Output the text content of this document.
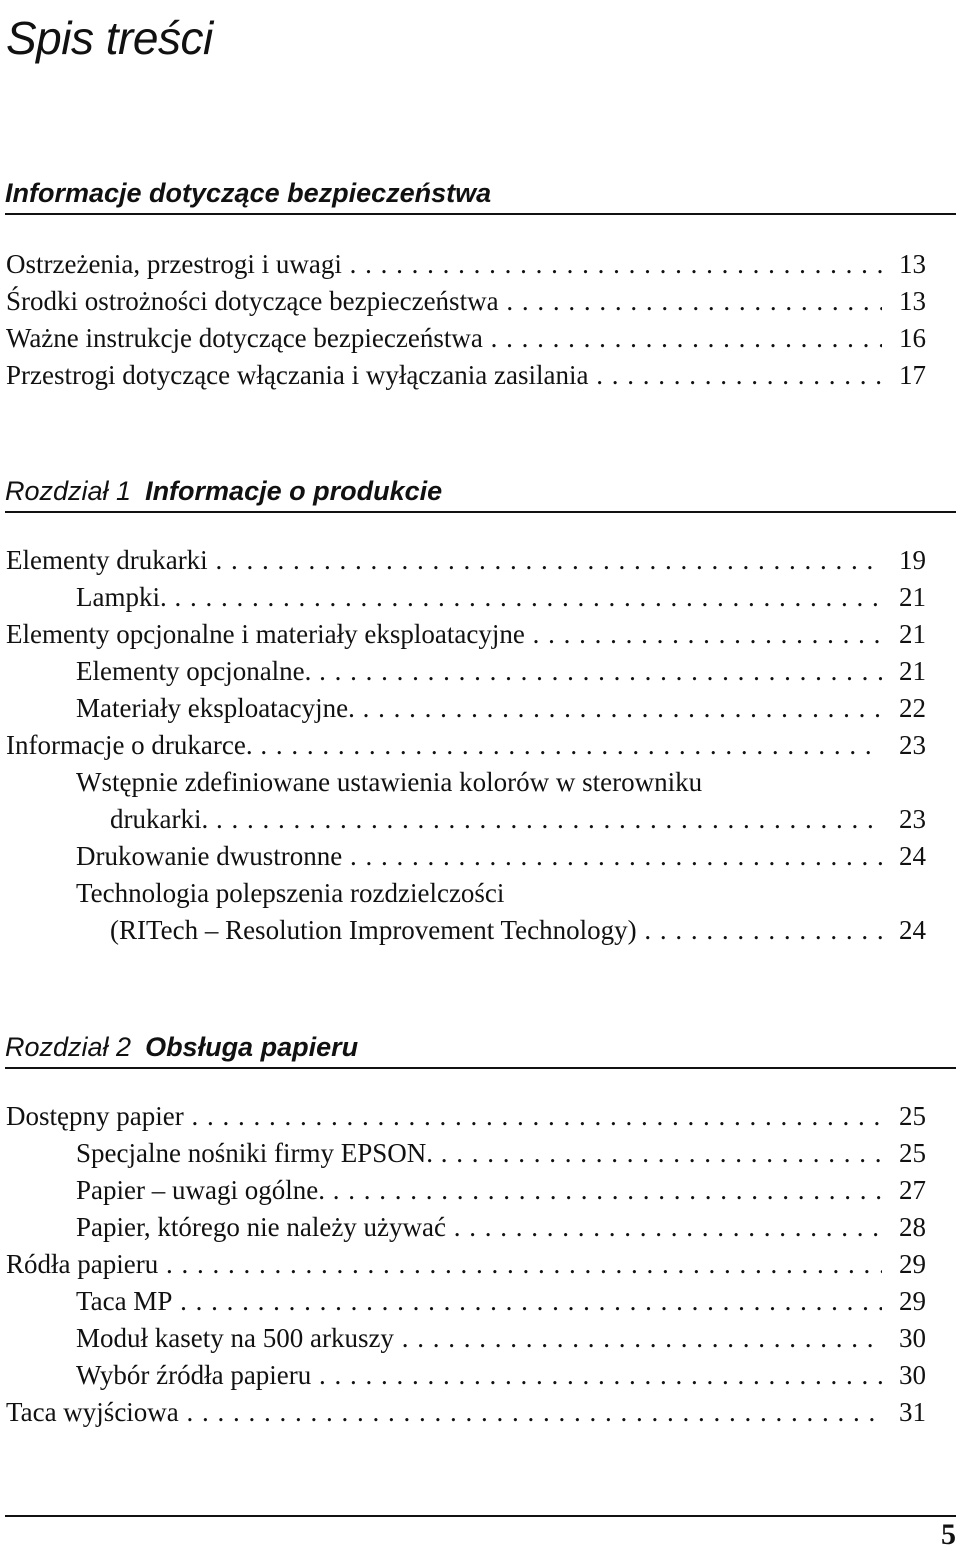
Spis treści
Informacje dotyczące bezpieczeństwa
Ostrzeżenia, przestrogi i uwagi . . .	13
Środki ostrożności dotyczące bezpieczeństwa . . .	13
Ważne instrukcje dotyczące bezpieczeństwa . . .	16
Przestrogi dotyczące włączania i wyłączania zasilania . . .	17
Rozdział 1 Informacje o produkcie
Elementy drukarki . . .	19
Lampki. . . .	21
Elementy opcjonalne i materiały eksploatacyjne . . .	21
Elementy opcjonalne. . . .	21
Materiały eksploatacyjne. . . .	22
Informacje o drukarce. . . .	23
Wstępnie zdefiniowane ustawienia kolorów w sterowniku
drukarki. . . .	23
Drukowanie dwustronne . . .	24
Technologia polepszenia rozdzielczości
(RITech – Resolution Improvement Technology) . . .	24
Rozdział 2 Obsługa papieru
Dostępny papier . . .	25
Specjalne nośniki firmy EPSON. . . .	25
Papier – uwagi ogólne. . . .	27
Papier, którego nie należy używać . . .	28
Ródła papieru . . .	29
Taca MP . . .	29
Moduł kasety na 500 arkuszy . . .	30
Wybór źródła papieru . . .	30
Taca wyjściowa . . .	31
5
